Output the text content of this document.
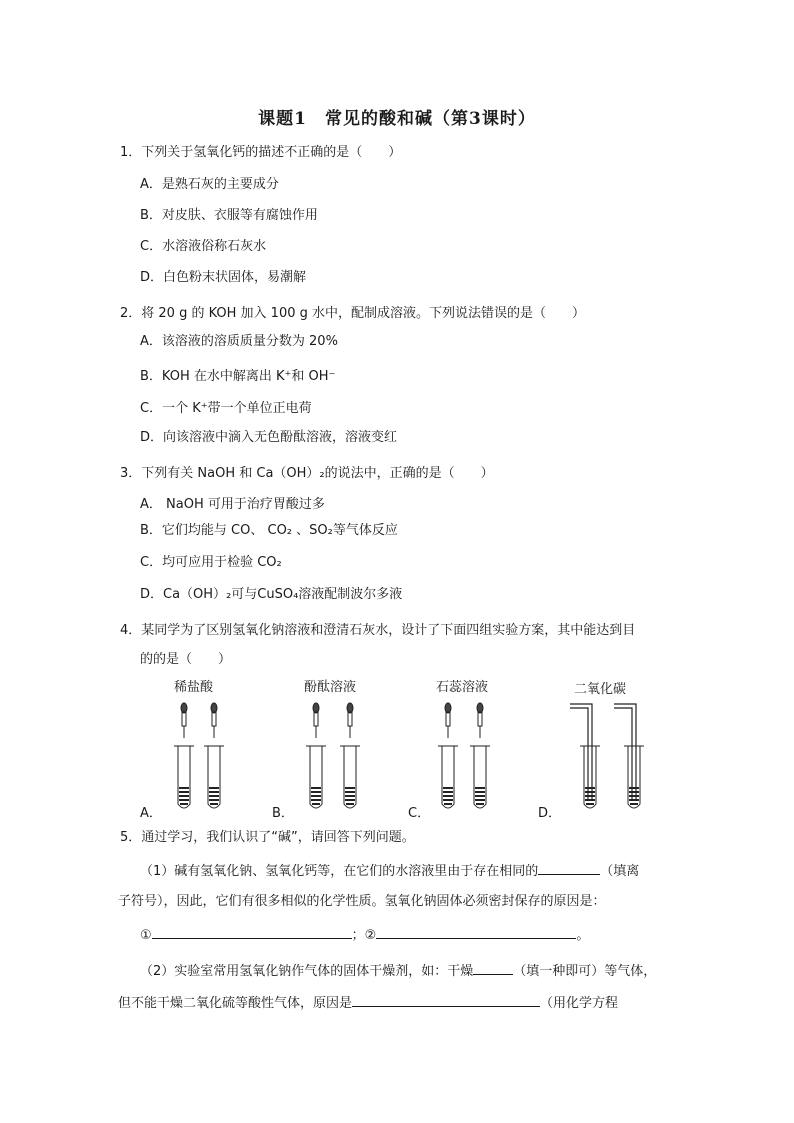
课题1　常见的酸和碱（第3课时）
1．下列关于氢氧化钙的描述不正确的是（　　）
A．是熟石灰的主要成分
B．对皮肤、衣服等有腐蚀作用
C．水溶液俗称石灰水
D．白色粉末状固体，易潮解
2．将 20 g 的 KOH 加入 100 g 水中，配制成溶液。下列说法错误的是（　　）
A．该溶液的溶质质量分数为 20%
B．KOH 在水中解离出 K⁺和 OH⁻
C．一个 K⁺带一个单位正电荷
D．向该溶液中滴入无色酚酞溶液，溶液变红
3．下列有关 NaOH 和 Ca（OH）₂的说法中，正确的是（　　）
A． NaOH 可用于治疗胃酸过多
B．它们均能与 CO、 CO₂ 、SO₂等气体反应
C．均可应用于检验 CO₂
D．Ca（OH）₂可与CuSO₄溶液配制波尔多液
4．某同学为了区别氢氧化钠溶液和澄清石灰水，设计了下面四组实验方案，其中能达到目
的的是（　　）
稀盐酸
A．
酚酞溶液
B．
石蕊溶液
C．
二氧化碳
D．
5．通过学习，我们认识了“碱”，请回答下列问题。
（1）碱有氢氧化钠、氢氧化钙等，在它们的水溶液里由于存在相同的	（填离
子符号），因此，它们有很多相似的化学性质。氢氧化钠固体必须密封保存的原因是：
①	；②	。
（2）实验室常用氢氧化钠作气体的固体干燥剂，如：干燥	（填一种即可）等气体，
但不能干燥二氧化硫等酸性气体，原因是	（用化学方程
